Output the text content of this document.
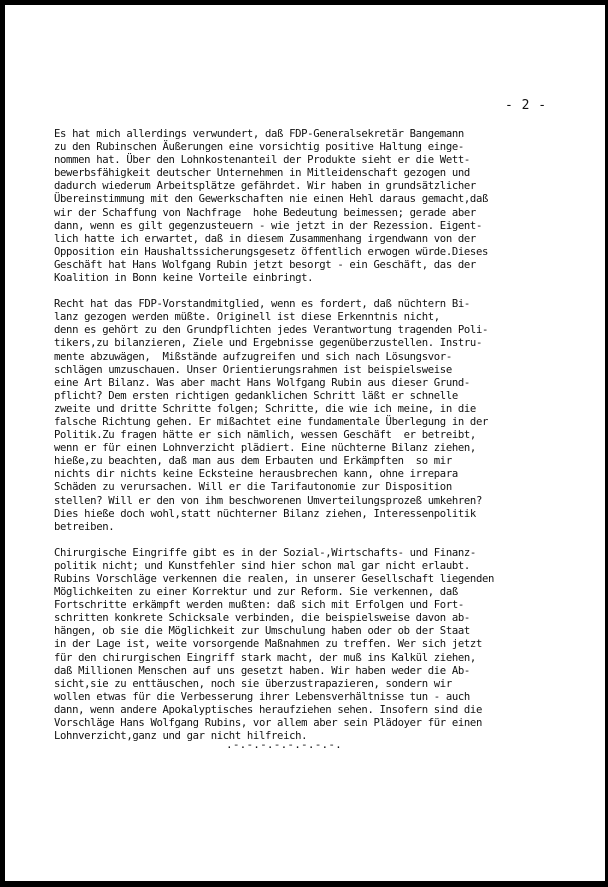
- 2 -

Es hat mich allerdings verwundert, daß FDP-Generalsekretär Bangemann
zu den Rubinschen Äußerungen eine vorsichtig positive Haltung einge-
nommen hat. Über den Lohnkostenanteil der Produkte sieht er die Wett-
bewerbsfähigkeit deutscher Unternehmen in Mitleidenschaft gezogen und
dadurch wiederum Arbeitsplätze gefährdet. Wir haben in grundsätzlicher
Übereinstimmung mit den Gewerkschaften nie einen Hehl daraus gemacht,daß
wir der Schaffung von Nachfrage  hohe Bedeutung beimessen; gerade aber
dann, wenn es gilt gegenzusteuern - wie jetzt in der Rezession. Eigent-
lich hatte ich erwartet, daß in diesem Zusammenhang irgendwann von der
Opposition ein Haushaltssicherungsgesetz öffentlich erwogen würde.Dieses
Geschäft hat Hans Wolfgang Rubin jetzt besorgt - ein Geschäft, das der
Koalition in Bonn keine Vorteile einbringt.

Recht hat das FDP-Vorstandmitglied, wenn es fordert, daß nüchtern Bi-
lanz gezogen werden müßte. Originell ist diese Erkenntnis nicht,
denn es gehört zu den Grundpflichten jedes Verantwortung tragenden Poli-
tikers,zu bilanzieren, Ziele und Ergebnisse gegenüberzustellen. Instru-
mente abzuwägen,  Mißstände aufzugreifen und sich nach Lösungsvor-
schlägen umzuschauen. Unser Orientierungsrahmen ist beispielsweise
eine Art Bilanz. Was aber macht Hans Wolfgang Rubin aus dieser Grund-
pflicht? Dem ersten richtigen gedanklichen Schritt läßt er schnelle
zweite und dritte Schritte folgen; Schritte, die wie ich meine, in die
falsche Richtung gehen. Er mißachtet eine fundamentale Überlegung in der
Politik.Zu fragen hätte er sich nämlich, wessen Geschäft  er betreibt,
wenn er für einen Lohnverzicht plädiert. Eine nüchterne Bilanz ziehen,
hieße,zu beachten, daß man aus dem Erbauten und Erkämpften  so mir
nichts dir nichts keine Ecksteine herausbrechen kann, ohne irrepara
Schäden zu verursachen. Will er die Tarifautonomie zur Disposition
stellen? Will er den von ihm beschworenen Umverteilungsprozeß umkehren?
Dies hieße doch wohl,statt nüchterner Bilanz ziehen, Interessenpolitik
betreiben.

Chirurgische Eingriffe gibt es in der Sozial-,Wirtschafts- und Finanz-
politik nicht; und Kunstfehler sind hier schon mal gar nicht erlaubt.
Rubins Vorschläge verkennen die realen, in unserer Gesellschaft liegenden
Möglichkeiten zu einer Korrektur und zur Reform. Sie verkennen, daß
Fortschritte erkämpft werden mußten: daß sich mit Erfolgen und Fort-
schritten konkrete Schicksale verbinden, die beispielsweise davon ab-
hängen, ob sie die Möglichkeit zur Umschulung haben oder ob der Staat
in der Lage ist, weite vorsorgende Maßnahmen zu treffen. Wer sich jetzt
für den chirurgischen Eingriff stark macht, der muß ins Kalkül ziehen,
daß Millionen Menschen auf uns gesetzt haben. Wir haben weder die Ab-
sicht,sie zu enttäuschen, noch sie überzustrapazieren, sondern wir
wollen etwas für die Verbesserung ihrer Lebensverhältnisse tun - auch
dann, wenn andere Apokalyptisches heraufziehen sehen. Insofern sind die
Vorschläge Hans Wolfgang Rubins, vor allem aber sein Plädoyer für einen
Lohnverzicht,ganz und gar nicht hilfreich.

.-.-.-.-.-.-.-.-.
